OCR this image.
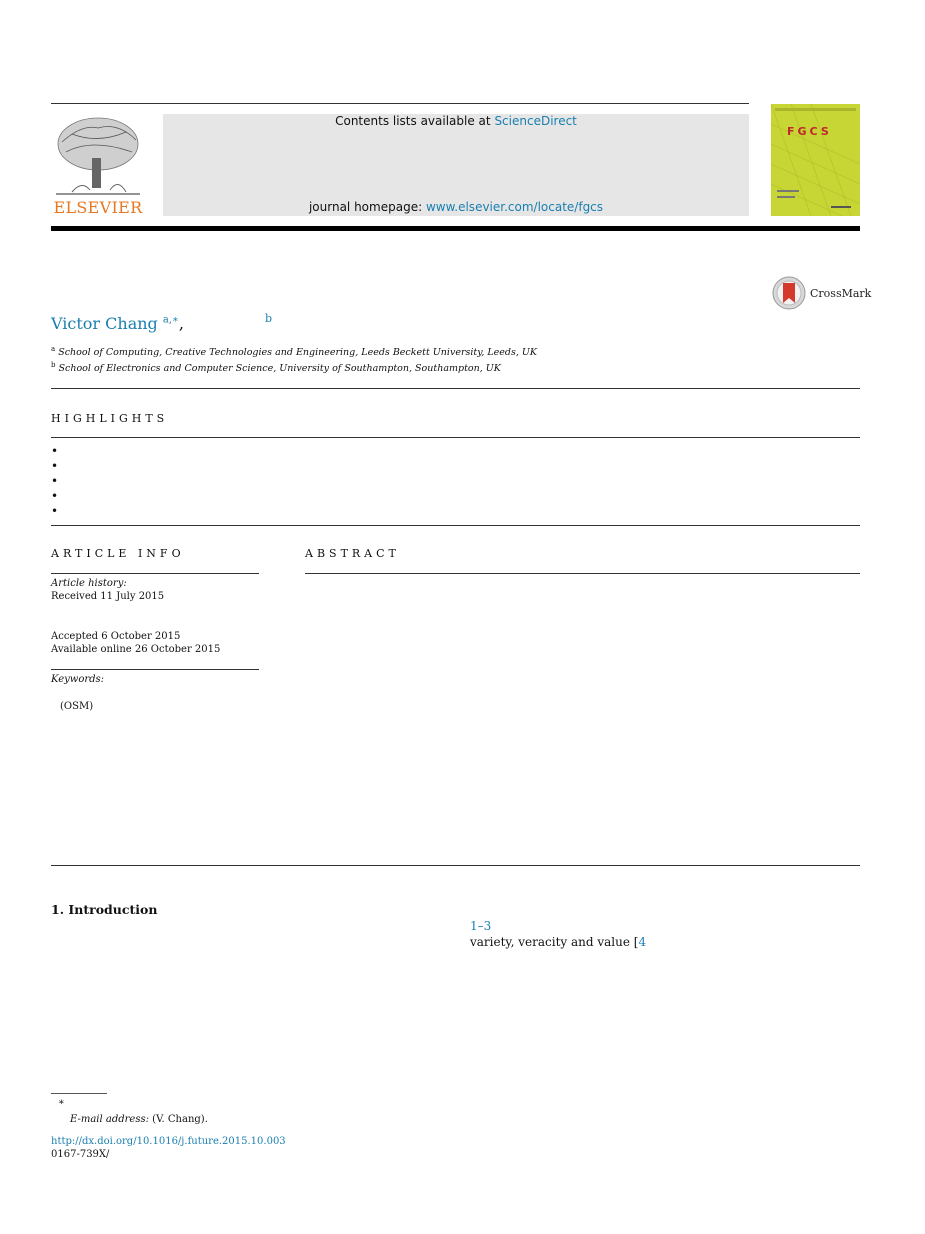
ELSEVIER
Contents lists available at ScienceDirect
journal homepage: www.elsevier.com/locate/fgcs
FGCS
CrossMark
Victor Chang $^{a,∗}$,	b
$^a$ School of Computing, Creative Technologies and Engineering, Leeds Beckett University, Leeds, UK
$^b$ School of Electronics and Computer Science, University of Southampton, Southampton, UK
HIGHLIGHTS
•
•
•
•
•
ARTICLE INFO
Article history:
Received 11 July 2015
Accepted 6 October 2015
Available online 26 October 2015
Keywords:
(OSM)
ABSTRACT
1. Introduction
1–3
variety, veracity and value [4
∗
E-mail address: (V. Chang).
http://dx.doi.org/10.1016/j.future.2015.10.003
0167-739X/
